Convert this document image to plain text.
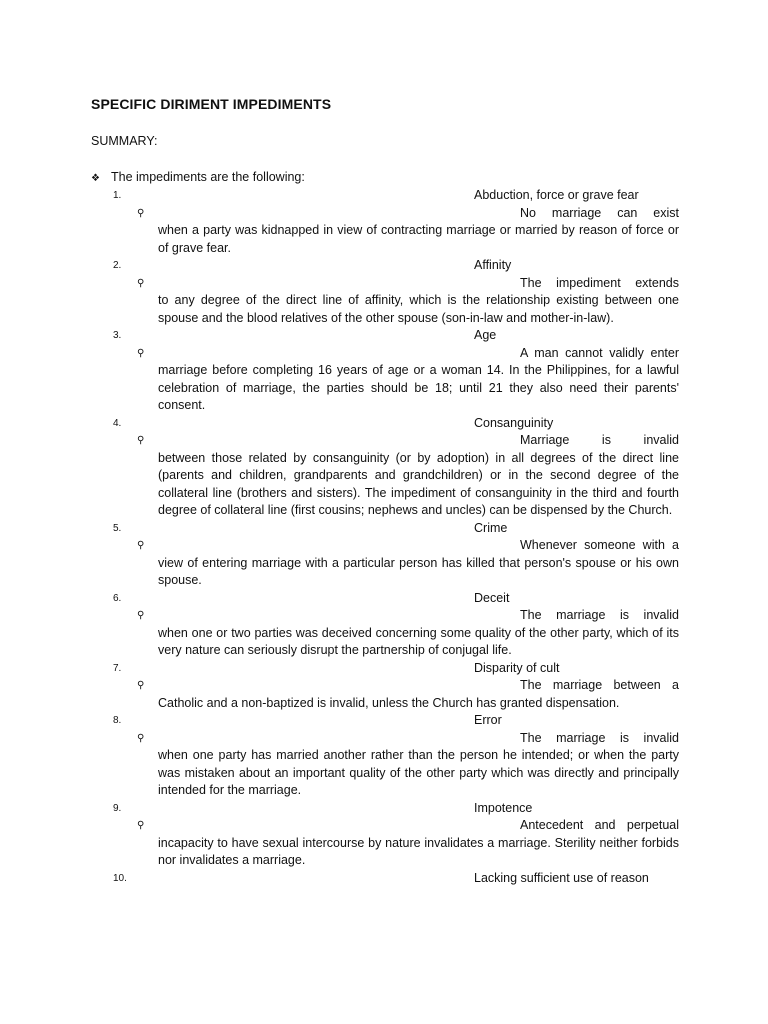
SPECIFIC DIRIMENT IMPEDIMENTS
SUMMARY:
❖ The impediments are the following:
1.	Abduction, force or grave fear
⚲	No marriage can exist
when a party was kidnapped in view of contracting marriage or married by reason of force or of grave fear.
2.	Affinity
⚲	The impediment extends
to any degree of the direct line of affinity, which is the relationship existing between one spouse and the blood relatives of the other spouse (son-in-law and mother-in-law).
3.	Age
⚲	A man cannot validly enter
marriage before completing 16 years of age or a woman 14. In the Philippines, for a lawful celebration of marriage, the parties should be 18; until 21 they also need their parents' consent.
4.	Consanguinity
⚲	Marriage is invalid
between those related by consanguinity (or by adoption) in all degrees of the direct line (parents and children, grandparents and grandchildren) or in the second degree of the collateral line (brothers and sisters). The impediment of consanguinity in the third and fourth degree of collateral line (first cousins; nephews and uncles) can be dispensed by the Church.
5.	Crime
⚲	Whenever someone with a
view of entering marriage with a particular person has killed that person's spouse or his own spouse.
6.	Deceit
⚲	The marriage is invalid
when one or two parties was deceived concerning some quality of the other party, which of its very nature can seriously disrupt the partnership of conjugal life.
7.	Disparity of cult
⚲	The marriage between a
Catholic and a non-baptized is invalid, unless the Church has granted dispensation.
8.	Error
⚲	The marriage is invalid
when one party has married another rather than the person he intended; or when the party was mistaken about an important quality of the other party which was directly and principally intended for the marriage.
9.	Impotence
⚲	Antecedent and perpetual
incapacity to have sexual intercourse by nature invalidates a marriage. Sterility neither forbids nor invalidates a marriage.
10.	Lacking sufficient use of reason
